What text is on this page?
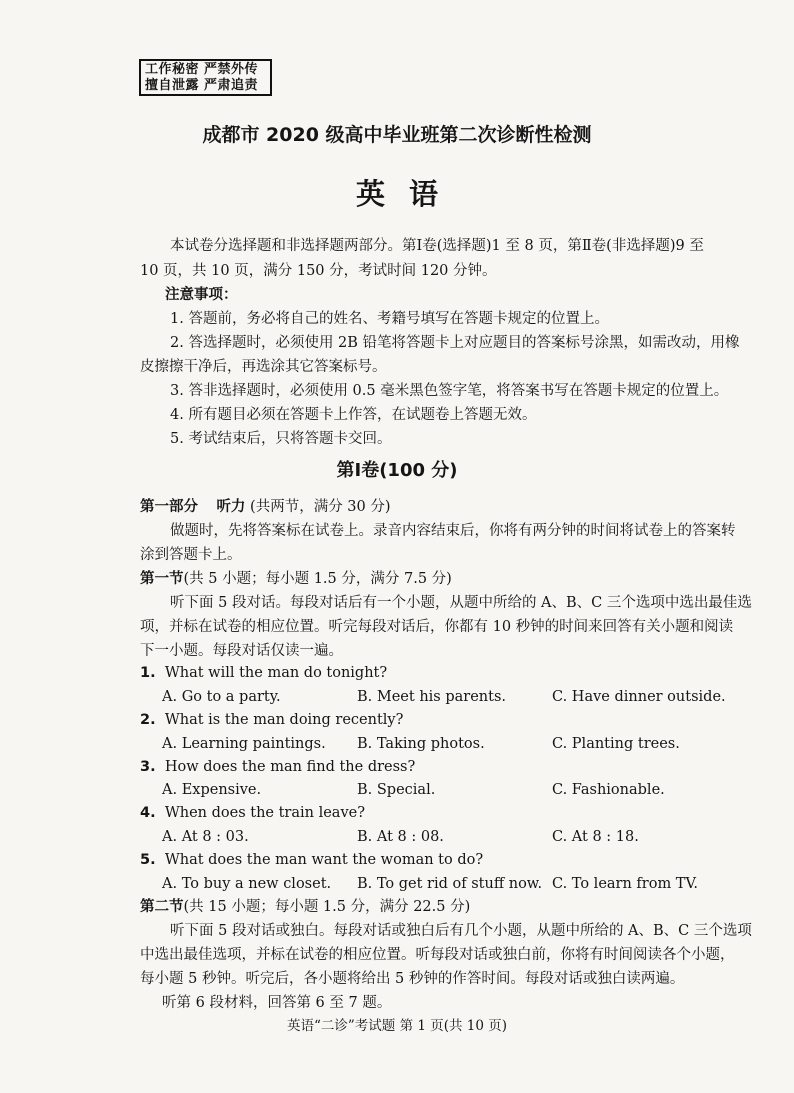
工作秘密 严禁外传
擅自泄露 严肃追责
成都市 2020 级高中毕业班第二次诊断性检测
英语
本试卷分选择题和非选择题两部分。第Ⅰ卷(选择题)1 至 8 页，第Ⅱ卷(非选择题)9 至
10 页，共 10 页，满分 150 分，考试时间 120 分钟。
注意事项：
1. 答题前，务必将自己的姓名、考籍号填写在答题卡规定的位置上。
2. 答选择题时，必须使用 2B 铅笔将答题卡上对应题目的答案标号涂黑，如需改动，用橡
皮擦擦干净后，再选涂其它答案标号。
3. 答非选择题时，必须使用 0.5 毫米黑色签字笔，将答案书写在答题卡规定的位置上。
4. 所有题目必须在答题卡上作答，在试题卷上答题无效。
5. 考试结束后，只将答题卡交回。
第Ⅰ卷(100 分)
第一部分 听力 (共两节，满分 30 分)
做题时，先将答案标在试卷上。录音内容结束后，你将有两分钟的时间将试卷上的答案转
涂到答题卡上。
第一节(共 5 小题；每小题 1.5 分，满分 7.5 分)
听下面 5 段对话。每段对话后有一个小题，从题中所给的 A、B、C 三个选项中选出最佳选
项，并标在试卷的相应位置。听完每段对话后，你都有 10 秒钟的时间来回答有关小题和阅读
下一小题。每段对话仅读一遍。
1. What will the man do tonight?
A. Go to a party.	B. Meet his parents.	C. Have dinner outside.
2. What is the man doing recently?
A. Learning paintings. B. Taking photos.	C. Planting trees.
3. How does the man find the dress?
A. Expensive.	B. Special.	C. Fashionable.
4. When does the train leave?
A. At 8 : 03.	B. At 8 : 08.	C. At 8 : 18.
5. What does the man want the woman to do?
A. To buy a new closet. B. To get rid of stuff now. C. To learn from TV.
第二节(共 15 小题；每小题 1.5 分，满分 22.5 分)
听下面 5 段对话或独白。每段对话或独白后有几个小题，从题中所给的 A、B、C 三个选项
中选出最佳选项，并标在试卷的相应位置。听每段对话或独白前，你将有时间阅读各个小题，
每小题 5 秒钟。听完后，各小题将给出 5 秒钟的作答时间。每段对话或独白读两遍。
听第 6 段材料，回答第 6 至 7 题。
英语“二诊”考试题 第 1 页(共 10 页)
